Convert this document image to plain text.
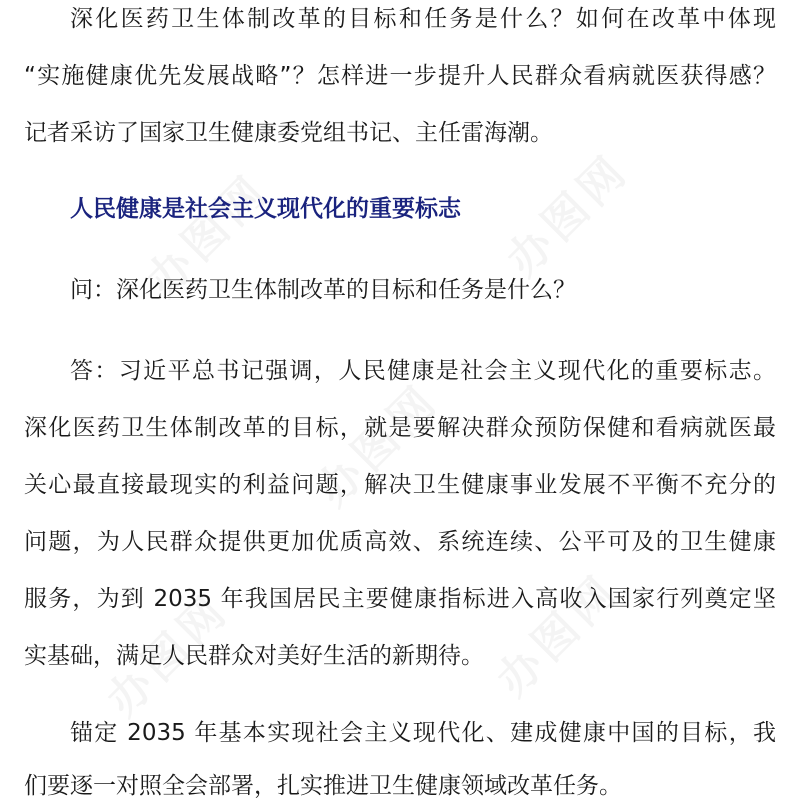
深化医药卫生体制改革的目标和任务是什么？如何在改革中体现
“实施健康优先发展战略”？怎样进一步提升人民群众看病就医获得感？
记者采访了国家卫生健康委党组书记、主任雷海潮。
人民健康是社会主义现代化的重要标志
问：深化医药卫生体制改革的目标和任务是什么？
答：习近平总书记强调，人民健康是社会主义现代化的重要标志。
深化医药卫生体制改革的目标，就是要解决群众预防保健和看病就医最
关心最直接最现实的利益问题，解决卫生健康事业发展不平衡不充分的
问题，为人民群众提供更加优质高效、系统连续、公平可及的卫生健康
服务，为到 2035 年我国居民主要健康指标进入高收入国家行列奠定坚
实基础，满足人民群众对美好生活的新期待。
锚定 2035 年基本实现社会主义现代化、建成健康中国的目标，我
们要逐一对照全会部署，扎实推进卫生健康领域改革任务。
